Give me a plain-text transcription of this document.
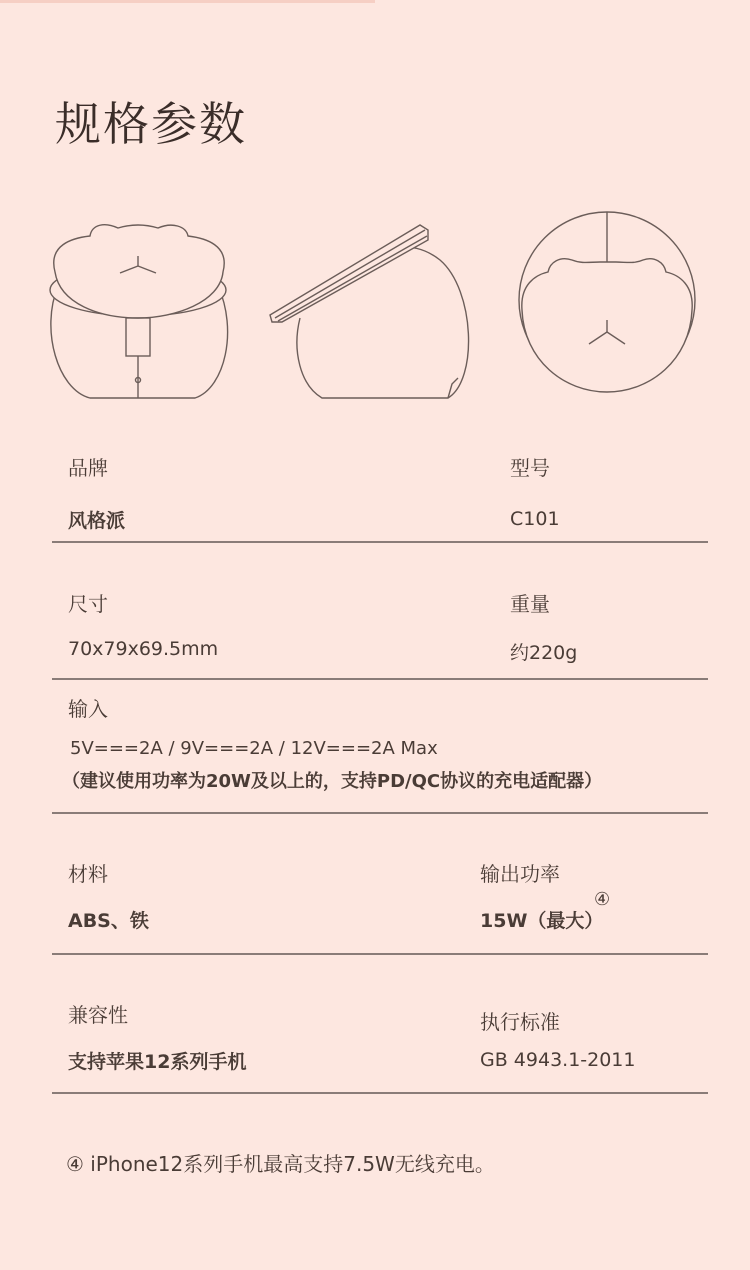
规格参数
品牌	型号
风格派	C101
尺寸	重量
70x79x69.5mm	约220g
输入
5V===2A / 9V===2A / 12V===2A Max
（建议使用功率为20W及以上的，支持PD/QC协议的充电适配器）
材料	输出功率
ABS、铁	15W（最大）
④
兼容性	执行标准
支持苹果12系列手机	GB 4943.1-2011
④ iPhone12系列手机最高支持7.5W无线充电。
